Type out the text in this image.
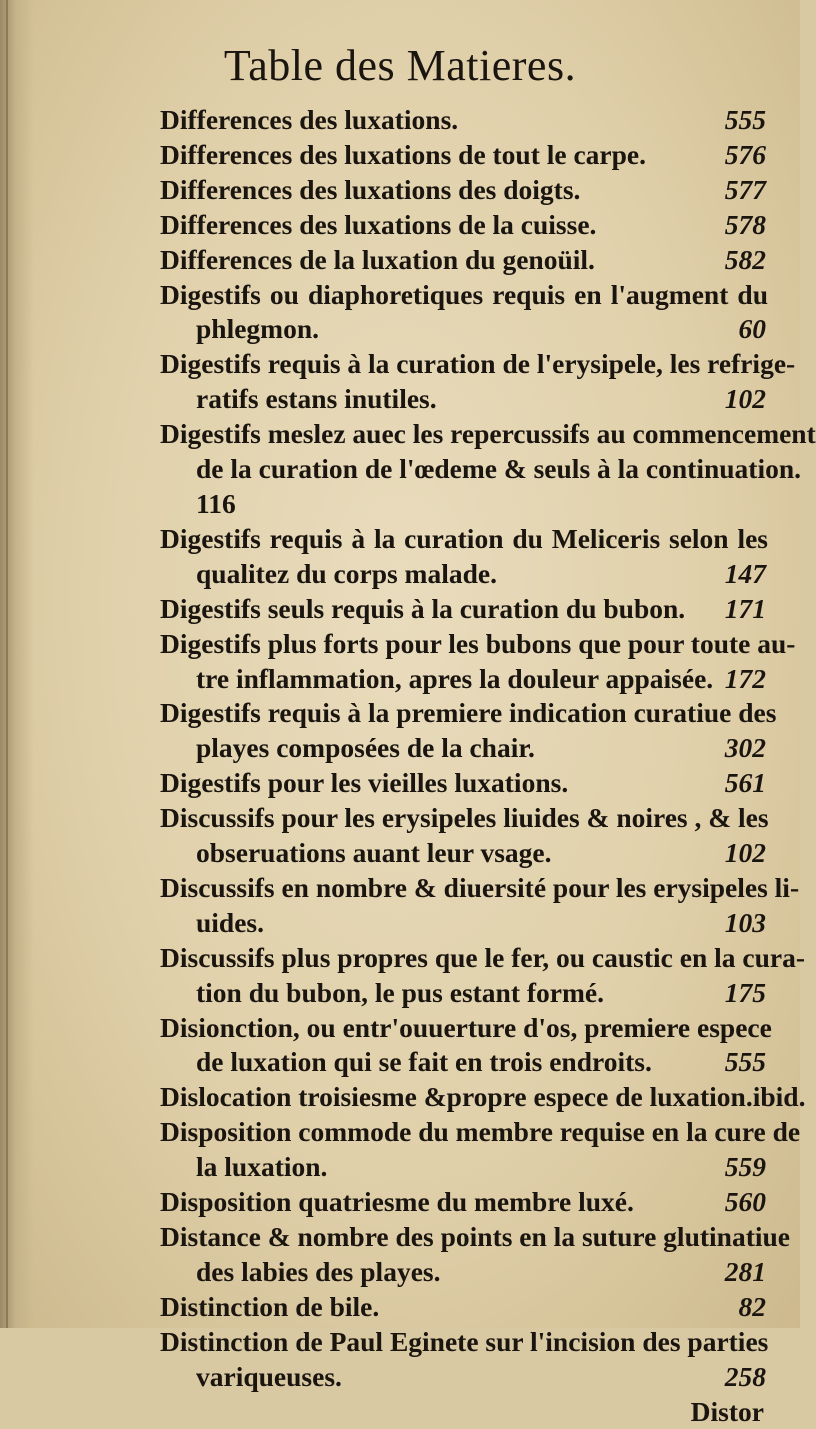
Table des Matieres.
Differences des luxations.	555
Differences des luxations de tout le carpe.	576
Differences des luxations des doigts.	577
Differences des luxations de la cuisse.	578
Differences de la luxation du genoüil.	582
Digestifs ou diaphoretiques requis en l'augment du
phlegmon.	60
Digestifs requis à la curation de l'erysipele, les refrige-
ratifs estans inutiles.	102
Digestifs meslez auec les repercussifs au commencement
de la curation de l'œdeme & seuls à la continuation.
116
Digestifs requis à la curation du Meliceris selon les
qualitez du corps malade.	147
Digestifs seuls requis à la curation du bubon.	171
Digestifs plus forts pour les bubons que pour toute au-
tre inflammation, apres la douleur appaisée. 172
Digestifs requis à la premiere indication curatiue des
playes composées de la chair.	302
Digestifs pour les vieilles luxations.	561
Discussifs pour les erysipeles liuides & noires , & les
obseruations auant leur vsage.	102
Discussifs en nombre & diuersité pour les erysipeles li-
uides.	103
Discussifs plus propres que le fer, ou caustic en la cura-
tion du bubon, le pus estant formé.	175
Disionction, ou entr'ouuerture d'os, premiere espece
de luxation qui se fait en trois endroits.	555
Dislocation troisiesme &propre espece de luxation.ibid.
Disposition commode du membre requise en la cure de
la luxation.	559
Disposition quatriesme du membre luxé.	560
Distance & nombre des points en la suture glutinatiue
des labies des playes.	281
Distinction de bile.	82
Distinction de Paul Eginete sur l'incision des parties
variqueuses.	258
Distor
